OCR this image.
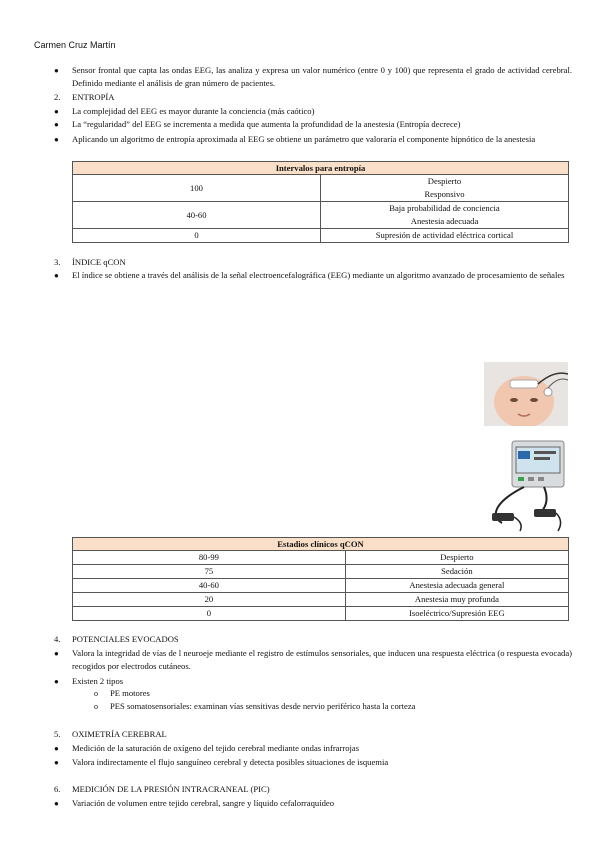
Carmen Cruz Martín
● Sensor frontal que capta las ondas EEG, las analiza y expresa un valor numérico (entre 0 y 100) que representa el grado de actividad cerebral. Definido mediante el análisis de gran número de pacientes.
2. ENTROPÍA
● La complejidad del EEG es mayor durante la conciencia (más caótico)
● La “regularidad” del EEG se incrementa a medida que aumenta la profundidad de la anestesia (Entropía decrece)
● Aplicando un algoritmo de entropía aproximada al EEG se obtiene un parámetro que valoraría el componente hipnótico de la anestesia
Intervalos para entropía	
100	Despierto
Responsivo

40-60	Baja probabilidad de conciencia
Anestesia adecuada

0	Supresión de actividad eléctrica cortical
3. ÍNDICE qCON
● El índice se obtiene a través del análisis de la señal electroencefalográfica (EEG) mediante un algoritmo avanzado de procesamiento de señales
Estadios clínicos qCON	
80-99	Despierto
75	Sedación
40-60	Anestesia adecuada general
20	Anestesia muy profunda
0	Isoeléctrico/Supresión EEG
4. POTENCIALES EVOCADOS
● Valora la integridad de vías de l neuroeje mediante el registro de estímulos sensoriales, que inducen una respuesta eléctrica (o respuesta evocada) recogidos por electrodos cutáneos.
● Existen 2 tipos
o PE motores
o PES somatosensoriales: examinan vías sensitivas desde nervio periférico hasta la corteza
5. OXIMETRÍA CEREBRAL
● Medición de la saturación de oxígeno del tejido cerebral mediante ondas infrarrojas
● Valora indirectamente el flujo sanguíneo cerebral y detecta posibles situaciones de isquemia
6. MEDICIÓN DE LA PRESIÓN INTRACRANEAL (PIC)
● Variación de volumen entre tejido cerebral, sangre y líquido cefalorraquídeo
